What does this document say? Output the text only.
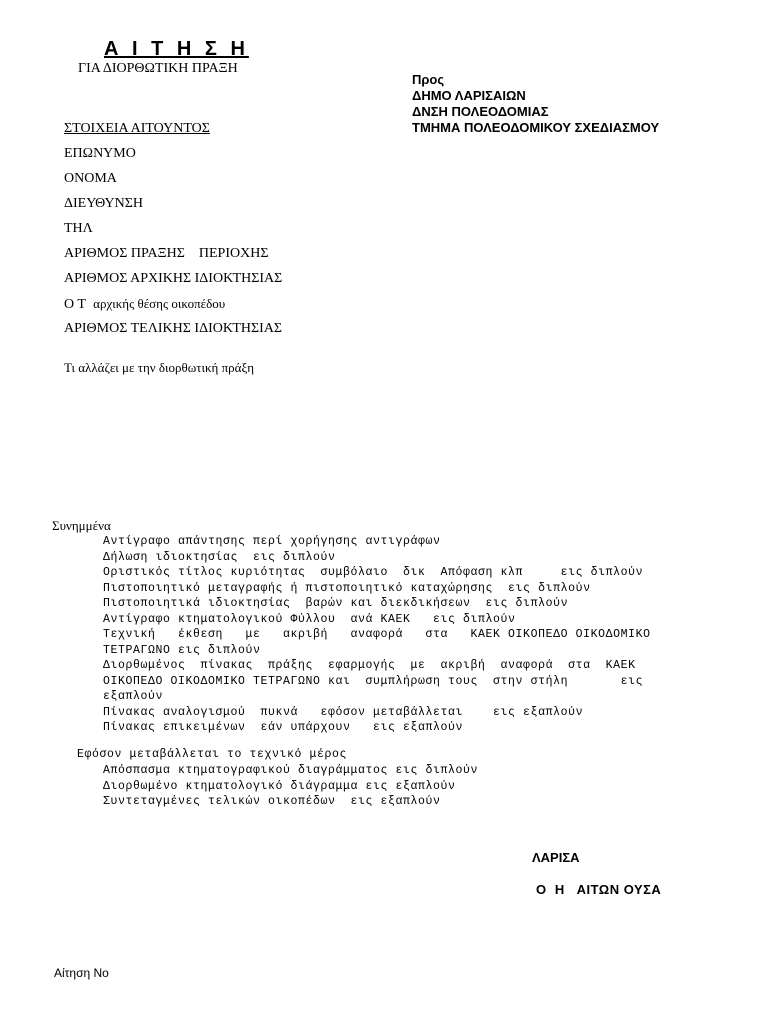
Α Ι Τ Η Σ Η
ΓΙΑ ΔΙΟΡΘΩΤΙΚΗ ΠΡΑΞΗ
Προς
ΔΗΜΟ ΛΑΡΙΣΑΙΩΝ
ΔΝΣΗ ΠΟΛΕΟΔΟΜΙΑΣ
ΤΜΗΜΑ ΠΟΛΕΟΔΟΜΙΚΟΥ ΣΧΕΔΙΑΣΜΟΥ
ΣΤΟΙΧΕΙΑ ΑΙΤΟΥΝΤΟΣ
ΕΠΩΝΥΜΟ
ΟΝΟΜΑ
ΔΙΕΥΘΥΝΣΗ
ΤΗΛ
ΑΡΙΘΜΟΣ ΠΡΑΞΗΣ    ΠΕΡΙΟΧΗΣ
ΑΡΙΘΜΟΣ ΑΡΧΙΚΗΣ ΙΔΙΟΚΤΗΣΙΑΣ
Ο Τ αρχικής θέσης οικοπέδου
ΑΡΙΘΜΟΣ ΤΕΛΙΚΗΣ ΙΔΙΟΚΤΗΣΙΑΣ
Τι αλλάζει με την διορθωτική πράξη
Συνημμένα
Αντίγραφο απάντησης περί χορήγησης αντιγράφων
Δήλωση ιδιοκτησίας  εις διπλούν
Οριστικός τίτλος κυριότητας  συμβόλαιο  δικ  Απόφαση κλπ     εις διπλούν
Πιστοποιητικό μεταγραφής ή πιστοποιητικό καταχώρησης  εις διπλούν
Πιστοποιητικά ιδιοκτησίας  βαρών και διεκδικήσεων  εις διπλούν
Αντίγραφο κτηματολογικού Φύλλου  ανά ΚΑΕΚ   εις διπλούν
Τεχνική   έκθεση   με   ακριβή   αναφορά   στα   ΚΑΕΚ ΟΙΚΟΠΕΔΟ ΟΙΚΟΔΟΜΙΚΟ
ΤΕΤΡΑΓΩΝΟ εις διπλούν
Διορθωμένος  πίνακας  πράξης  εφαρμογής  με  ακριβή  αναφορά  στα  ΚΑΕΚ
ΟΙΚΟΠΕΔΟ ΟΙΚΟΔΟΜΙΚΟ ΤΕΤΡΑΓΩΝΟ και  συμπλήρωση τους  στην στήλη       εις
εξαπλούν
Πίνακας αναλογισμού  πυκνά   εφόσον μεταβάλλεται    εις εξαπλούν
Πίνακας επικειμένων  εάν υπάρχουν   εις εξαπλούν
Εφόσον μεταβάλλεται το τεχνικό μέρος
Απόσπασμα κτηματογραφικού διαγράμματος εις διπλούν
Διορθωμένο κτηματολογικό διάγραμμα εις εξαπλούν
Συντεταγμένες τελικών οικοπέδων  εις εξαπλούν
ΛΑΡΙΣΑ
Ο  Η   ΑΙΤΩΝ ΟΥΣΑ
Αίτηση Νο
